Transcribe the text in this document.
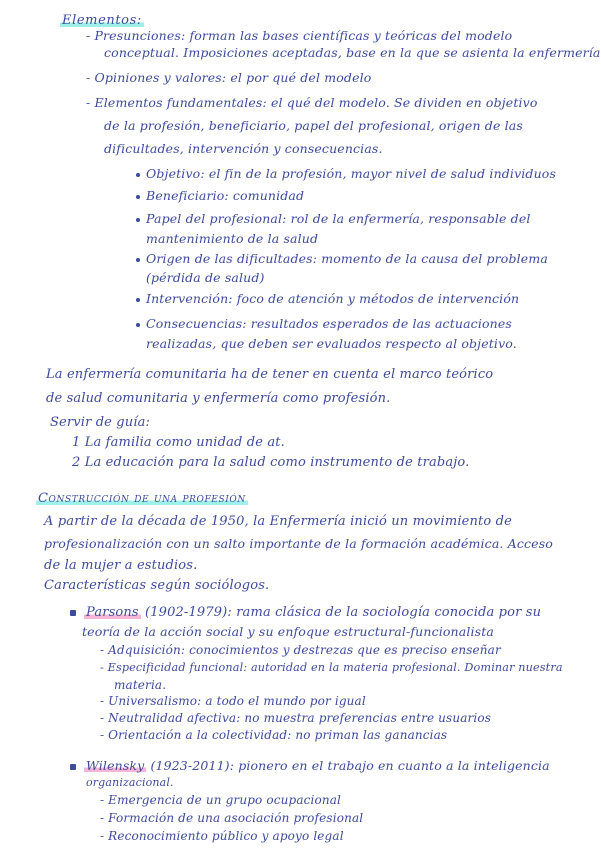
Elementos:
- Presunciones: forman las bases científicas y teóricas del modelo
conceptual. Imposiciones aceptadas, base en la que se asienta la enfermería
- Opiniones y valores: el por qué del modelo
- Elementos fundamentales: el qué del modelo. Se dividen en objetivo
de la profesión, beneficiario, papel del profesional, origen de las
dificultades, intervención y consecuencias.
Objetivo: el fin de la profesión, mayor nivel de salud individuos
Beneficiario: comunidad
Papel del profesional: rol de la enfermería, responsable del
mantenimiento de la salud
Origen de las dificultades: momento de la causa del problema
(pérdida de salud)
Intervención: foco de atención y métodos de intervención
Consecuencias: resultados esperados de las actuaciones
realizadas, que deben ser evaluados respecto al objetivo.
La enfermería comunitaria ha de tener en cuenta el marco teórico
de salud comunitaria y enfermería como profesión.
Servir de guía:
1 La familia como unidad de at.
2 La educación para la salud como instrumento de trabajo.
Construcción de una profesión
A partir de la década de 1950, la Enfermería inició un movimiento de
profesionalización con un salto importante de la formación académica. Acceso
de la mujer a estudios.
Características según sociólogos.
Parsons (1902-1979): rama clásica de la sociología conocida por su
teoría de la acción social y su enfoque estructural-funcionalista
- Adquisición: conocimientos y destrezas que es preciso enseñar
- Especificidad funcional: autoridad en la materia profesional. Dominar nuestra
materia.
- Universalismo: a todo el mundo por igual
- Neutralidad afectiva: no muestra preferencias entre usuarios
- Orientación a la colectividad: no priman las ganancias
Wilensky (1923-2011): pionero en el trabajo en cuanto a la inteligencia
organizacional.
- Emergencia de un grupo ocupacional
- Formación de una asociación profesional
- Reconocimiento público y apoyo legal
